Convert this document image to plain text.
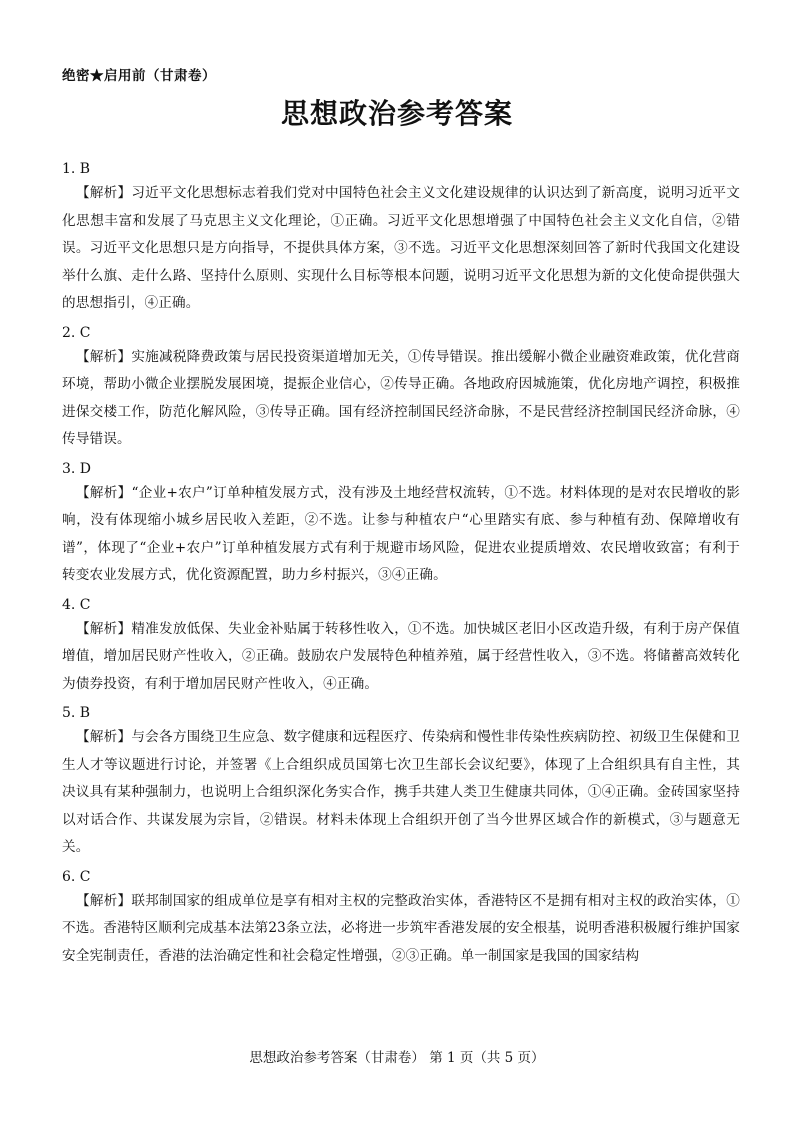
绝密★启用前（甘肃卷）
思想政治参考答案

1. B

【解析】习近平文化思想标志着我们党对中国特色社会主义文化建设规律的认识达到了新高度，说明习近平文化思想丰富和发展了马克思主义文化理论，①正确。习近平文化思想增强了中国特色社会主义文化自信，②错误。习近平文化思想只是方向指导，不提供具体方案，③不选。习近平文化思想深刻回答了新时代我国文化建设举什么旗、走什么路、坚持什么原则、实现什么目标等根本问题，说明习近平文化思想为新的文化使命提供强大的思想指引，④正确。

2. C

【解析】实施减税降费政策与居民投资渠道增加无关，①传导错误。推出缓解小微企业融资难政策，优化营商环境，帮助小微企业摆脱发展困境，提振企业信心，②传导正确。各地政府因城施策，优化房地产调控，积极推进保交楼工作，防范化解风险，③传导正确。国有经济控制国民经济命脉，不是民营经济控制国民经济命脉，④传导错误。

3. D

【解析】“企业+农户”订单种植发展方式，没有涉及土地经营权流转，①不选。材料体现的是对农民增收的影响，没有体现缩小城乡居民收入差距，②不选。让参与种植农户“心里踏实有底、参与种植有劲、保障增收有谱”，体现了“企业+农户”订单种植发展方式有利于规避市场风险，促进农业提质增效、农民增收致富；有利于转变农业发展方式，优化资源配置，助力乡村振兴，③④正确。

4. C

【解析】精准发放低保、失业金补贴属于转移性收入，①不选。加快城区老旧小区改造升级，有利于房产保值增值，增加居民财产性收入，②正确。鼓励农户发展特色种植养殖，属于经营性收入，③不选。将储蓄高效转化为债券投资，有利于增加居民财产性收入，④正确。

5. B

【解析】与会各方围绕卫生应急、数字健康和远程医疗、传染病和慢性非传染性疾病防控、初级卫生保健和卫生人才等议题进行讨论，并签署《上合组织成员国第七次卫生部长会议纪要》，体现了上合组织具有自主性，其决议具有某种强制力，也说明上合组织深化务实合作，携手共建人类卫生健康共同体，①④正确。金砖国家坚持以对话合作、共谋发展为宗旨，②错误。材料未体现上合组织开创了当今世界区域合作的新模式，③与题意无关。

6. C

【解析】联邦制国家的组成单位是享有相对主权的完整政治实体，香港特区不是拥有相对主权的政治实体，①不选。香港特区顺利完成基本法第23条立法，必将进一步筑牢香港发展的安全根基，说明香港积极履行维护国家安全宪制责任，香港的法治确定性和社会稳定性增强，②③正确。单一制国家是我国的国家结构

思想政治参考答案（甘肃卷） 第 1 页（共 5 页）
